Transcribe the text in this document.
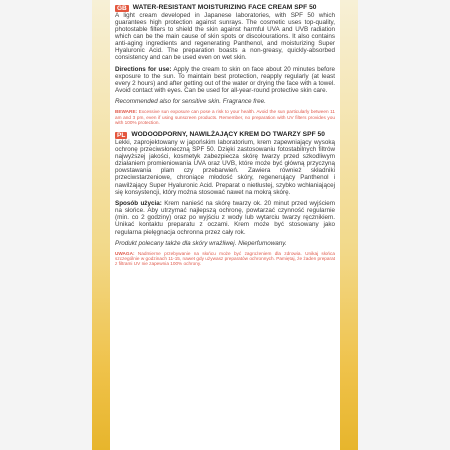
GB WATER-RESISTANT MOISTURIZING FACE CREAM SPF 50

A light cream developed in Japanese laboratories, with SPF 50 which guarantees high protection against sunrays. The cosmetic uses top-quality, photostable filters to shield the skin against harmful UVA and UVB radiation which can be the main cause of skin spots or discolourations. It also contains anti-aging ingredients and regenerating Panthenol, and moisturizing Super Hyaluronic Acid. The preparation boasts a non-greasy, quickly-absorbed consistency and can be used even on wet skin.

Directions for use: Apply the cream to skin on face about 20 minutes before exposure to the sun. To maintain best protection, reapply regularly (at least every 2 hours) and after getting out of the water or drying the face with a towel. Avoid contact with eyes. Can be used for all-year-round protective skin care.

Recommended also for sensitive skin. Fragrance free.

BEWARE: Excessive sun exposure can pose a risk to your health. Avoid the sun particularly between 11 am and 3 pm, even if using sunscreen products. Remember, no preparation with UV filters provides you with 100% protection.

PL WODOODPORNY, NAWILŻAJĄCY KREM DO TWARZY SPF 50

Lekki, zaprojektowany w japońskim laboratorium, krem zapewniający wysoką ochronę przeciwsłoneczną SPF 50. Dzięki zastosowaniu fotostabilnych filtrów najwyższej jakości, kosmetyk zabezpiecza skórę twarzy przed szkodliwym działaniem promieniowania UVA oraz UVB, które może być główną przyczyną powstawania plam czy przebarwień. Zawiera również składniki przeciwstarzeniowe, chroniące młodość skóry, regenerujący Panthenol i nawilżający Super Hyaluronic Acid. Preparat o nietłustej, szybko wchłaniającej się konsystencji, który można stosować nawet na mokrą skórę.

Sposób użycia: Krem nanieść na skórę twarzy ok. 20 minut przed wyjściem na słońce. Aby utrzymać najlepszą ochronę, powtarzać czynność regularnie (min. co 2 godziny) oraz po wyjściu z wody lub wytarciu twarzy ręcznikiem. Unikać kontaktu preparatu z oczami. Krem może być stosowany jako regularna pielęgnacja ochronna przez cały rok.

Produkt polecany także dla skóry wrażliwej. Nieperfumowany.

UWAGA: Nadmierne przebywanie na słońcu może być zagrożeniem dla zdrowia. Unikaj słońca szczególnie w godzinach 11-15, nawet gdy używasz preparatów ochronnych. Pamiętaj, że żaden preparat z filtrami UV nie zapewnia 100% ochrony.
